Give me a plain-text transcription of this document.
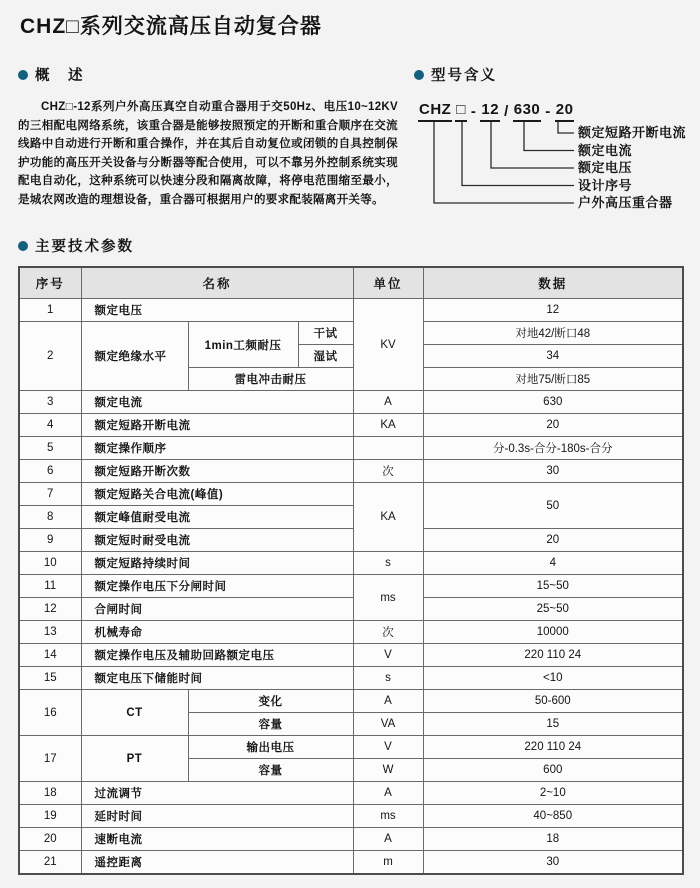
CHZ□系列交流高压自动复合器
概　述

CHZ□-12系列户外高压真空自动重合器用于交50Hz、电压10~12KV的三相配电网络系统，该重合器是能够按照预定的开断和重合顺序在交流线路中自动进行开断和重合操作，并在其后自动复位或闭锁的自具控制保护功能的高压开关设备与分断器等配合使用，可以不靠另外控制系统实现配电自动化，这种系统可以快速分段和隔离故障，将停电范围缩至最小，是城农网改造的理想设备，重合器可根据用户的要求配装隔离开关等。

型号含义
CHZ □ - 12 / 630 - 20
额定短路开断电流
额定电流
额定电压
设计序号
户外高压重合器
主要技术参数
序号	名称			单位	数据
1	额定电压			KV	12
2	额定绝缘水平	1min工频耐压	干试		对地42/断口48
			湿试		34
		雷电冲击耐压			对地75/断口85
3	额定电流			A	630
4	额定短路开断电流			KA	20
5	额定操作顺序				分-0.3s-合分-180s-合分
6	额定短路开断次数			次	30
7	额定短路关合电流(峰值)			KA	50
8	额定峰值耐受电流				
9	额定短时耐受电流				20
10	额定短路持续时间			s	4
11	额定操作电压下分闸时间			ms	15~50
12	合闸时间				25~50
13	机械寿命			次	10000
14	额定操作电压及辅助回路额定电压			V	220 110 24
15	额定电压下储能时间			s	<10
16	CT	变化		A	50-600
		容量		VA	15
17	PT	输出电压		V	220 110 24
		容量		W	600
18	过流调节			A	2~10
19	延时时间			ms	40~850
20	速断电流			A	18
21	遥控距离			m	30
